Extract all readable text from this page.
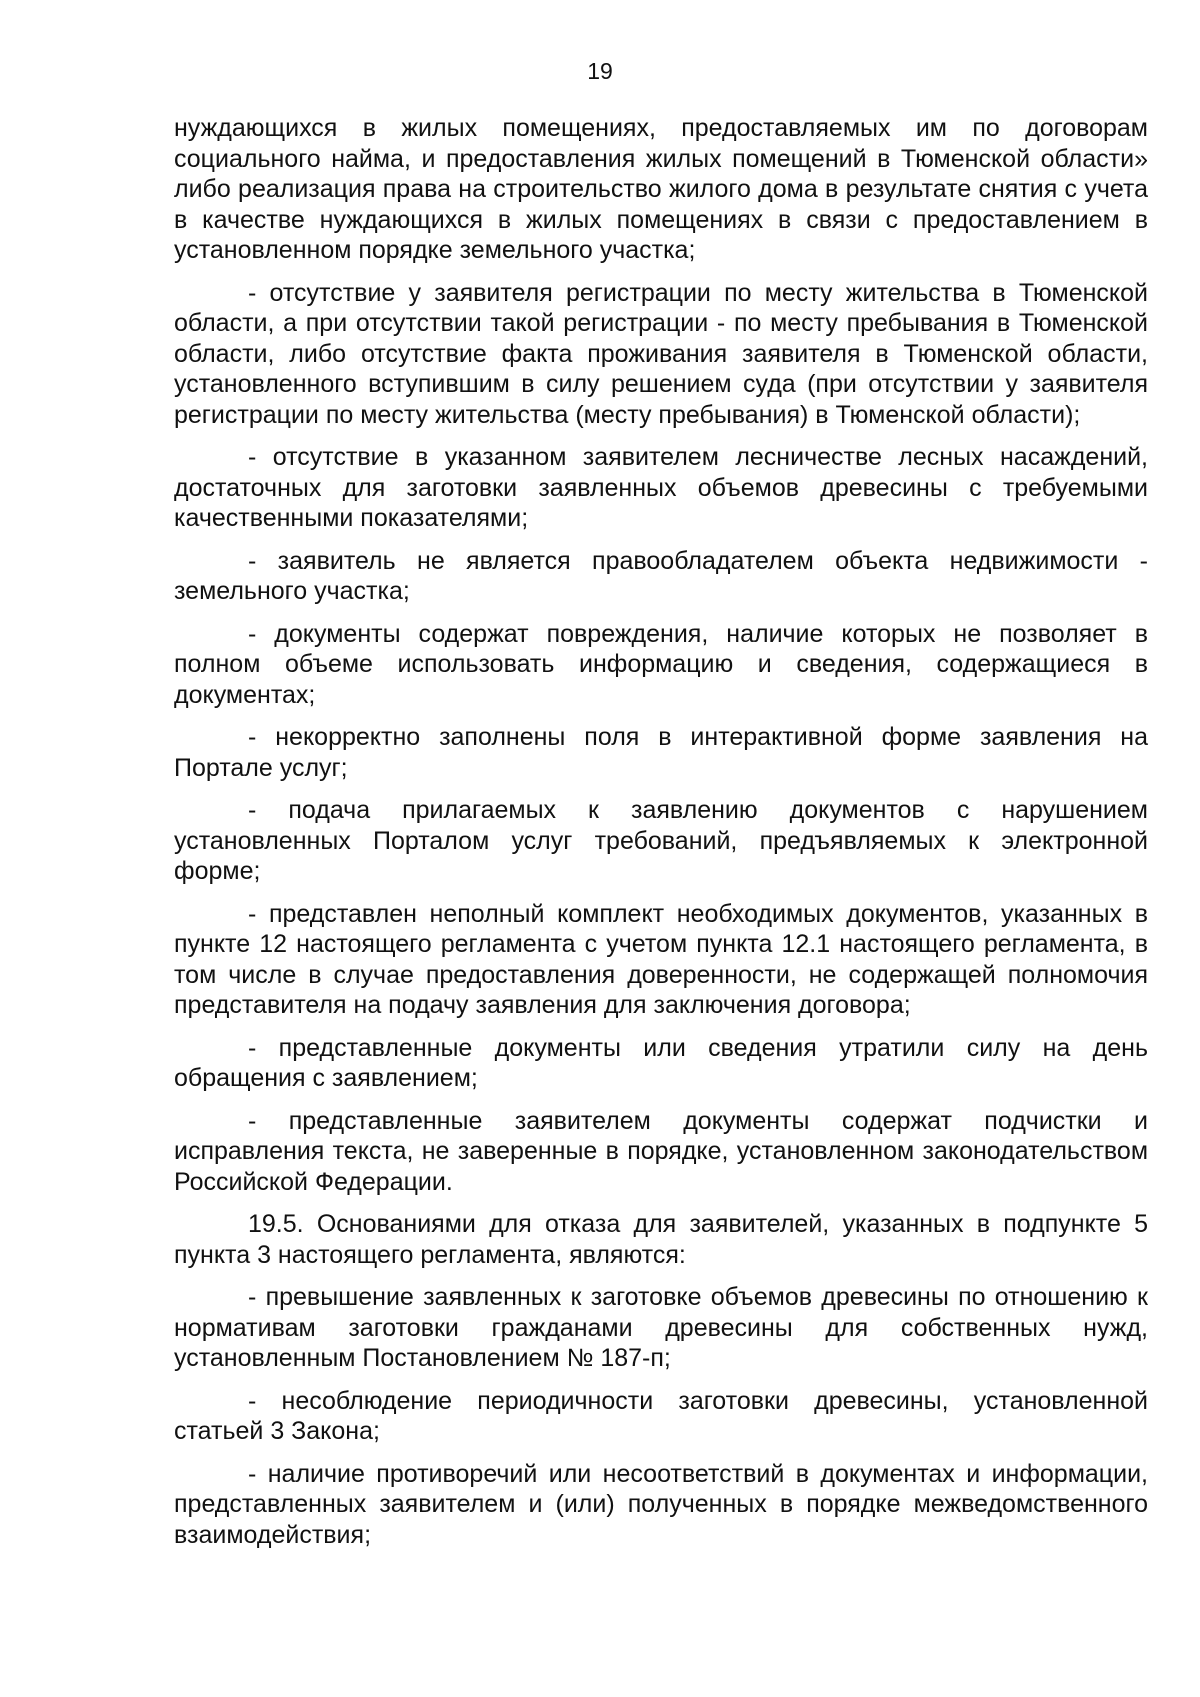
19

нуждающихся в жилых помещениях, предоставляемых им по договорам социального найма, и предоставления жилых помещений в Тюменской области» либо реализация права на строительство жилого дома в результате снятия с учета в качестве нуждающихся в жилых помещениях в связи с предоставлением в установленном порядке земельного участка;

- отсутствие у заявителя регистрации по месту жительства в Тюменской области, а при отсутствии такой регистрации - по месту пребывания в Тюменской области, либо отсутствие факта проживания заявителя в Тюменской области, установленного вступившим в силу решением суда (при отсутствии у заявителя регистрации по месту жительства (месту пребывания) в Тюменской области);

- отсутствие в указанном заявителем лесничестве лесных насаждений, достаточных для заготовки заявленных объемов древесины с требуемыми качественными показателями;

- заявитель не является правообладателем объекта недвижимости - земельного участка;

- документы содержат повреждения, наличие которых не позволяет в полном объеме использовать информацию и сведения, содержащиеся в документах;

- некорректно заполнены поля в интерактивной форме заявления на Портале услуг;

- подача прилагаемых к заявлению документов с нарушением установленных Порталом услуг требований, предъявляемых к электронной форме;

- представлен неполный комплект необходимых документов, указанных в пункте 12 настоящего регламента с учетом пункта 12.1 настоящего регламента, в том числе в случае предоставления доверенности, не содержащей полномочия представителя на подачу заявления для заключения договора;

- представленные документы или сведения утратили силу на день обращения с заявлением;

- представленные заявителем документы содержат подчистки и исправления текста, не заверенные в порядке, установленном законодательством Российской Федерации.

19.5. Основаниями для отказа для заявителей, указанных в подпункте 5 пункта 3 настоящего регламента, являются:

- превышение заявленных к заготовке объемов древесины по отношению к нормативам заготовки гражданами древесины для собственных нужд, установленным Постановлением № 187-п;

- несоблюдение периодичности заготовки древесины, установленной статьей 3 Закона;

- наличие противоречий или несоответствий в документах и информации, представленных заявителем и (или) полученных в порядке межведомственного взаимодействия;
